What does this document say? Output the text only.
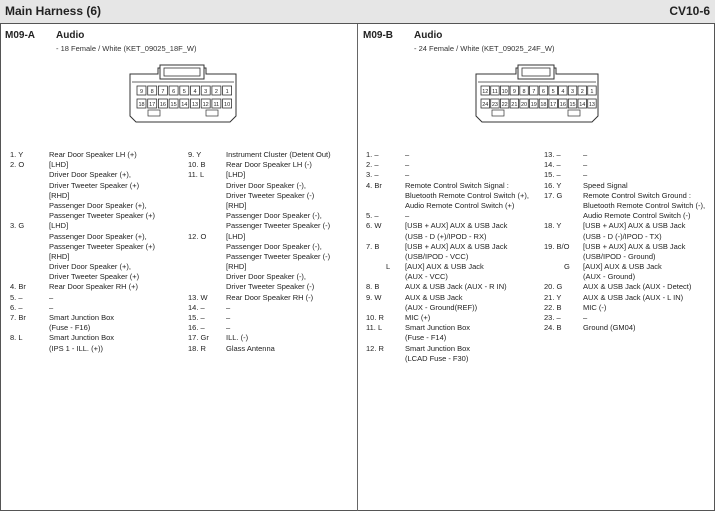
Main Harness (6)	CV10-6
M09-A Audio
- 18 Female / White (KET_09025_18F_W)
9 8 7 6 5 4 3 2 1
18 17 16 15 14 13 12 11 10
1. Y	Rear Door Speaker LH (+)
2. O	[LHD]
Driver Door Speaker (+),
Driver Tweeter Speaker (+)
[RHD]
Passenger Door Speaker (+),
Passenger Tweeter Speaker (+)
3. G	[LHD]
Passenger Door Speaker (+),
Passenger Tweeter Speaker (+)
[RHD]
Driver Door Speaker (+),
Driver Tweeter Speaker (+)
4. Br	Rear Door Speaker RH (+)
5. –	–
6. –	–
7. Br	Smart Junction Box
(Fuse - F16)
8. L	Smart Junction Box
(IPS 1 - ILL. (+))
9. Y	Instrument Cluster (Detent Out)
10. B	Rear Door Speaker LH (-)
11. L	[LHD]
Driver Door Speaker (-),
Driver Tweeter Speaker (-)
[RHD]
Passenger Door Speaker (-),
Passenger Tweeter Speaker (-)
12. O	[LHD]
Passenger Door Speaker (-),
Passenger Tweeter Speaker (-)
[RHD]
Driver Door Speaker (-),
Driver Tweeter Speaker (-)
13. W Rear Door Speaker RH (-)
14. –	–
15. –	–
16. –	–
17. Gr ILL. (-)
18. R	Glass Antenna
M09-B Audio
- 24 Female / White (KET_09025_24F_W)
12 11 10 9 8 7 6 5 4 3 2 1
24 23 22 21 20 19 18 17 16 15 14 13
1. –	–
2. –	–
3. –	–
4. Br	Remote Control Switch Signal :
Bluetooth Remote Control Switch (+),
Audio Remote Control Switch (+)
5. –	–
6. W	[USB + AUX] AUX & USB Jack
(USB - D (+)/IPOD - RX)
7. B	[USB + AUX] AUX & USB Jack
(USB/IPOD - VCC)
L [AUX] AUX & USB Jack
(AUX - VCC)
8. B	AUX & USB Jack (AUX - R IN)
9. W	AUX & USB Jack
(AUX - Ground(REF))
10. R	MIC (+)
11. L	Smart Junction Box
(Fuse - F14)
12. R	Smart Junction Box
(LCAD Fuse - F30)
13. –	–
14. –	–
15. –	–
16. Y	Speed Signal
17. G	Remote Control Switch Ground :
Bluetooth Remote Control Switch (-),
Audio Remote Control Switch (-)
18. Y	[USB + AUX] AUX & USB Jack
(USB - D (-)/IPOD - TX)
19. B/O [USB + AUX] AUX & USB Jack
(USB/IPOD - Ground)
G [AUX] AUX & USB Jack
(AUX - Ground)
20. G	AUX & USB Jack (AUX - Detect)
21. Y	AUX & USB Jack (AUX - L IN)
22. B	MIC (-)
23. –	–
24. B	Ground (GM04)
